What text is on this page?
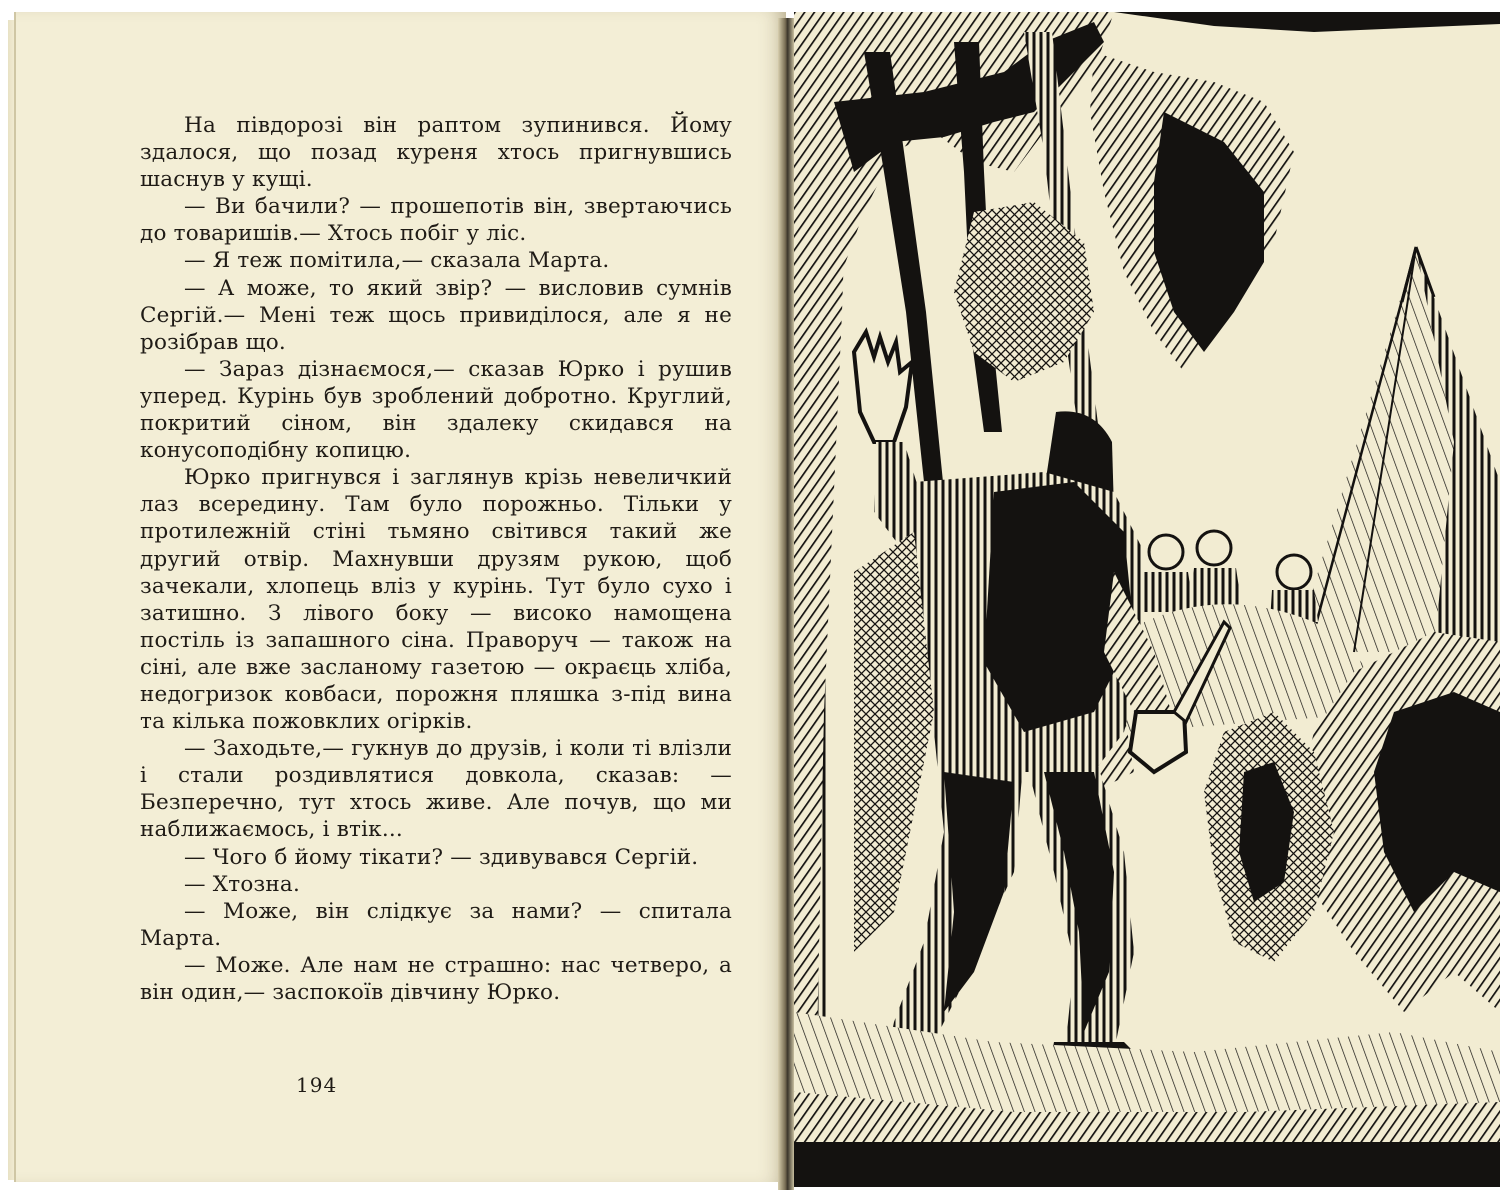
На півдорозі він раптом зупинився. Йому здалося, що позад куреня хтось пригнувшись шаснув у кущі.

— Ви бачили? — прошепотів він, звертаючись до товаришів.— Хтось побіг у ліс.

— Я теж помітила,— сказала Марта.

— А може, то який звір? — висловив сумнів Сергій.— Мені теж щось привиділося, але я не розібрав що.

— Зараз дізнаємося,— сказав Юрко і рушив уперед. Курінь був зроблений добротно. Круглий, покритий сіном, він здалеку скидався на конусоподібну копицю.

Юрко пригнувся і заглянув крізь невеличкий лаз всередину. Там було порожньо. Тільки у протилежній стіні тьмяно світився такий же другий отвір. Махнувши друзям рукою, щоб зачекали, хлопець вліз у курінь. Тут було сухо і затишно. З лівого боку — високо намощена постіль із запашного сіна. Праворуч — також на сіні, але вже засланому газетою — окраєць хліба, недогризок ковбаси, порожня пляшка з-під вина та кілька пожовклих огірків.

— Заходьте,— гукнув до друзів, і коли ті влізли і стали роздивлятися довкола, сказав: — Безперечно, тут хтось живе. Але почув, що ми наближаємось, і втік...

— Чого б йому тікати? — здивувався Сергій.

— Хтозна.

— Може, він слідкує за нами? — спитала Марта.

— Може. Але нам не страшно: нас четверо, а він один,— заспокоїв дівчину Юрко.

194
